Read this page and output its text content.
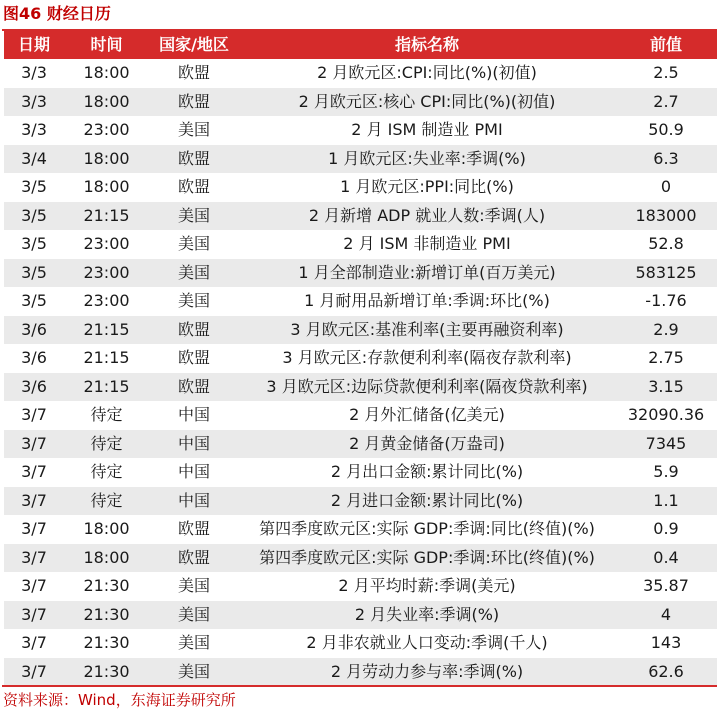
图46 财经日历
日期	时间	国家/地区	指标名称	前值
3/3	18:00	欧盟	2 月欧元区:CPI:同比(%)(初值)	2.5
3/3	18:00	欧盟	2 月欧元区:核心 CPI:同比(%)(初值)	2.7
3/3	23:00	美国	2 月 ISM 制造业 PMI	50.9
3/4	18:00	欧盟	1 月欧元区:失业率:季调(%)	6.3
3/5	18:00	欧盟	1 月欧元区:PPI:同比(%)	0
3/5	21:15	美国	2 月新增 ADP 就业人数:季调(人)	183000
3/5	23:00	美国	2 月 ISM 非制造业 PMI	52.8
3/5	23:00	美国	1 月全部制造业:新增订单(百万美元)	583125
3/5	23:00	美国	1 月耐用品新增订单:季调:环比(%)	-1.76
3/6	21:15	欧盟	3 月欧元区:基准利率(主要再融资利率)	2.9
3/6	21:15	欧盟	3 月欧元区:存款便利利率(隔夜存款利率)	2.75
3/6	21:15	欧盟	3 月欧元区:边际贷款便利利率(隔夜贷款利率)	3.15
3/7	待定	中国	2 月外汇储备(亿美元)	32090.36
3/7	待定	中国	2 月黄金储备(万盎司)	7345
3/7	待定	中国	2 月出口金额:累计同比(%)	5.9
3/7	待定	中国	2 月进口金额:累计同比(%)	1.1
3/7	18:00	欧盟	第四季度欧元区:实际 GDP:季调:同比(终值)(%)	0.9
3/7	18:00	欧盟	第四季度欧元区:实际 GDP:季调:环比(终值)(%)	0.4
3/7	21:30	美国	2 月平均时薪:季调(美元)	35.87
3/7	21:30	美国	2 月失业率:季调(%)	4
3/7	21:30	美国	2 月非农就业人口变动:季调(千人)	143
3/7	21:30	美国	2 月劳动力参与率:季调(%)	62.6
资料来源：Wind，东海证券研究所
